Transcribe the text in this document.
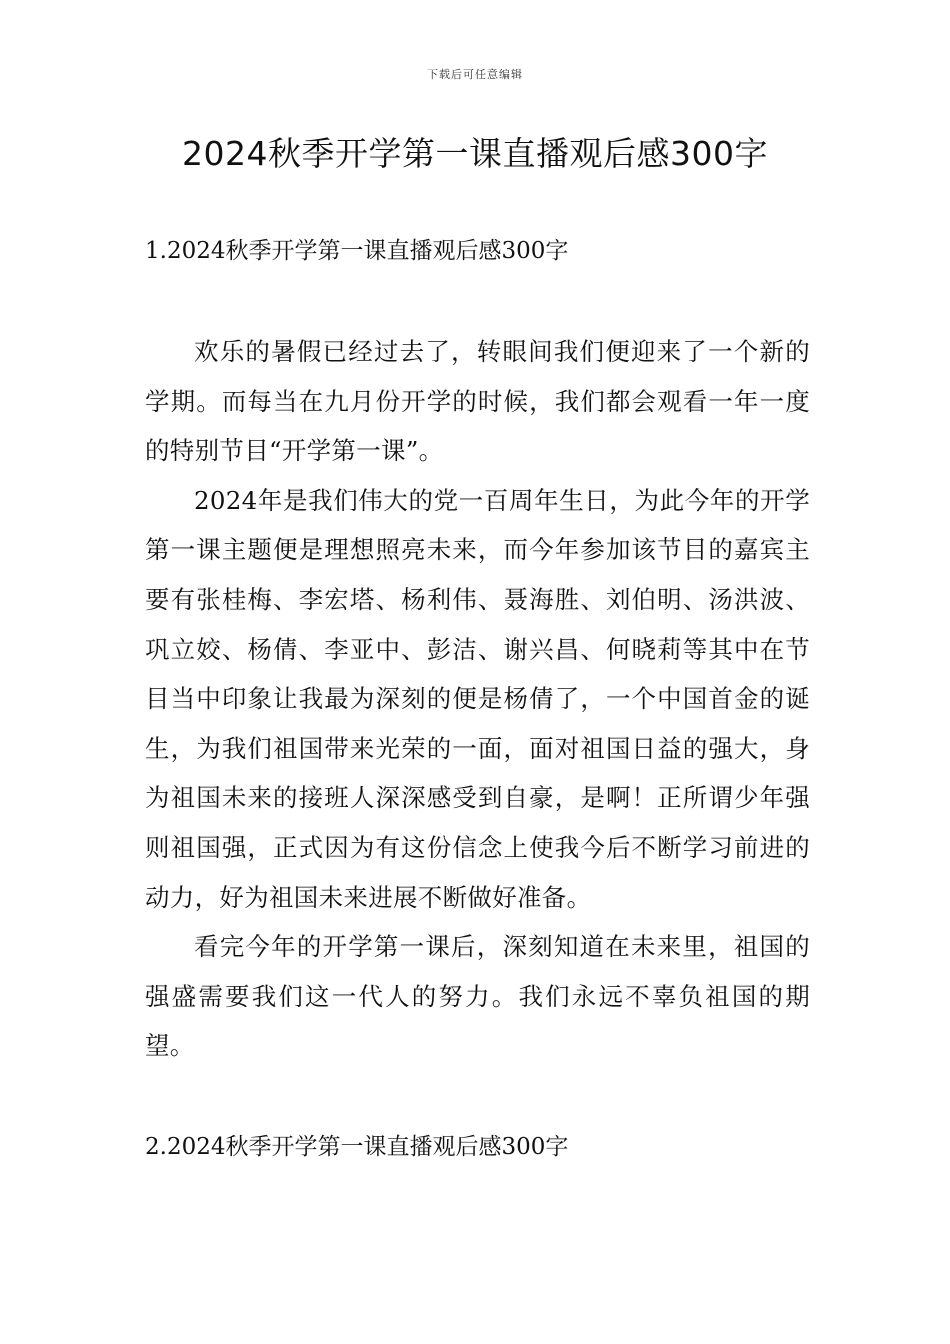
下载后可任意编辑
2024秋季开学第一课直播观后感300字
1.2024秋季开学第一课直播观后感300字

欢乐的暑假已经过去了，转眼间我们便迎来了一个新的学期。而每当在九月份开学的时候，我们都会观看一年一度的特别节目“开学第一课”。

2024年是我们伟大的党一百周年生日，为此今年的开学第一课主题便是理想照亮未来，而今年参加该节目的嘉宾主要有张桂梅、李宏塔、杨利伟、聂海胜、刘伯明、汤洪波、巩立姣、杨倩、李亚中、彭洁、谢兴昌、何晓莉等其中在节目当中印象让我最为深刻的便是杨倩了，一个中国首金的诞生，为我们祖国带来光荣的一面，面对祖国日益的强大，身为祖国未来的接班人深深感受到自豪，是啊！正所谓少年强则祖国强，正式因为有这份信念上使我今后不断学习前进的动力，好为祖国未来进展不断做好准备。

看完今年的开学第一课后，深刻知道在未来里，祖国的强盛需要我们这一代人的努力。我们永远不辜负祖国的期望。

2.2024秋季开学第一课直播观后感300字
